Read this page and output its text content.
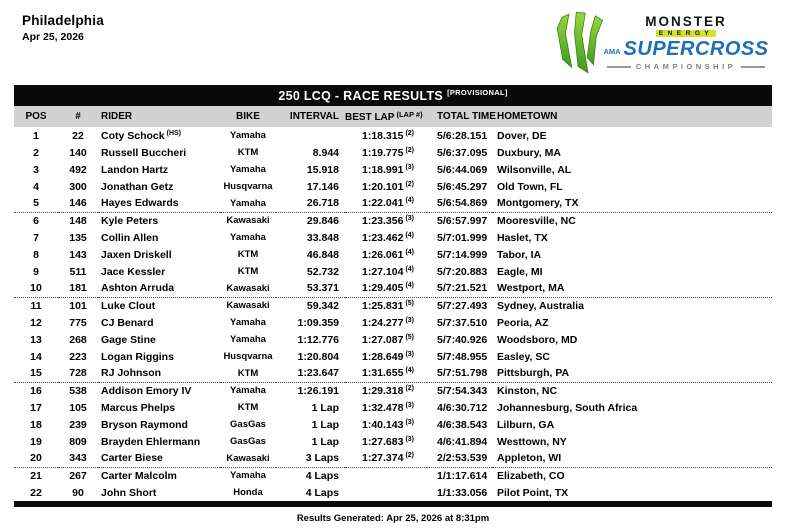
Philadelphia
Apr 25, 2026
MONSTER
ENERGY
AMA SUPERCROSS
CHAMPIONSHIP
250 LCQ - RACE RESULTS [PROVISIONAL]
POS	#	RIDER	BIKE	INTERVAL	BEST LAP $^{(LAP \#)}$	TOTAL TIME	HOMETOWN
1	22	Coty Schock $^{(HS)}$	Yamaha		1:18.315 $^{(2)}$	5/6:28.151	Dover, DE
2	140	Russell Buccheri	KTM	8.944	1:19.775 $^{(2)}$	5/6:37.095	Duxbury, MA
3	492	Landon Hartz	Yamaha	15.918	1:18.991 $^{(3)}$	5/6:44.069	Wilsonville, AL
4	300	Jonathan Getz	Husqvarna	17.146	1:20.101 $^{(2)}$	5/6:45.297	Old Town, FL
5	146	Hayes Edwards	Yamaha	26.718	1:22.041 $^{(4)}$	5/6:54.869	Montgomery, TX
6	148	Kyle Peters	Kawasaki	29.846	1:23.356 $^{(3)}$	5/6:57.997	Mooresville, NC
7	135	Collin Allen	Yamaha	33.848	1:23.462 $^{(4)}$	5/7:01.999	Haslet, TX
8	143	Jaxen Driskell	KTM	46.848	1:26.061 $^{(4)}$	5/7:14.999	Tabor, IA
9	511	Jace Kessler	KTM	52.732	1:27.104 $^{(4)}$	5/7:20.883	Eagle, MI
10	181	Ashton Arruda	Kawasaki	53.371	1:29.405 $^{(4)}$	5/7:21.521	Westport, MA
11	101	Luke Clout	Kawasaki	59.342	1:25.831 $^{(5)}$	5/7:27.493	Sydney, Australia
12	775	CJ Benard	Yamaha	1:09.359	1:24.277 $^{(3)}$	5/7:37.510	Peoria, AZ
13	268	Gage Stine	Yamaha	1:12.776	1:27.087 $^{(5)}$	5/7:40.926	Woodsboro, MD
14	223	Logan Riggins	Husqvarna	1:20.804	1:28.649 $^{(3)}$	5/7:48.955	Easley, SC
15	728	RJ Johnson	KTM	1:23.647	1:31.655 $^{(4)}$	5/7:51.798	Pittsburgh, PA
16	538	Addison Emory IV	Yamaha	1:26.191	1:29.318 $^{(2)}$	5/7:54.343	Kinston, NC
17	105	Marcus Phelps	KTM	1 Lap	1:32.478 $^{(3)}$	4/6:30.712	Johannesburg, South Africa
18	239	Bryson Raymond	GasGas	1 Lap	1:40.143 $^{(3)}$	4/6:38.543	Lilburn, GA
19	809	Brayden Ehlermann	GasGas	1 Lap	1:27.683 $^{(3)}$	4/6:41.894	Westtown, NY
20	343	Carter Biese	Kawasaki	3 Laps	1:27.374 $^{(2)}$	2/2:53.539	Appleton, WI
21	267	Carter Malcolm	Yamaha	4 Laps		1/1:17.614	Elizabeth, CO
22	90	John Short	Honda	4 Laps		1/1:33.056	Pilot Point, TX
Results Generated: Apr 25, 2026 at 8:31pm
